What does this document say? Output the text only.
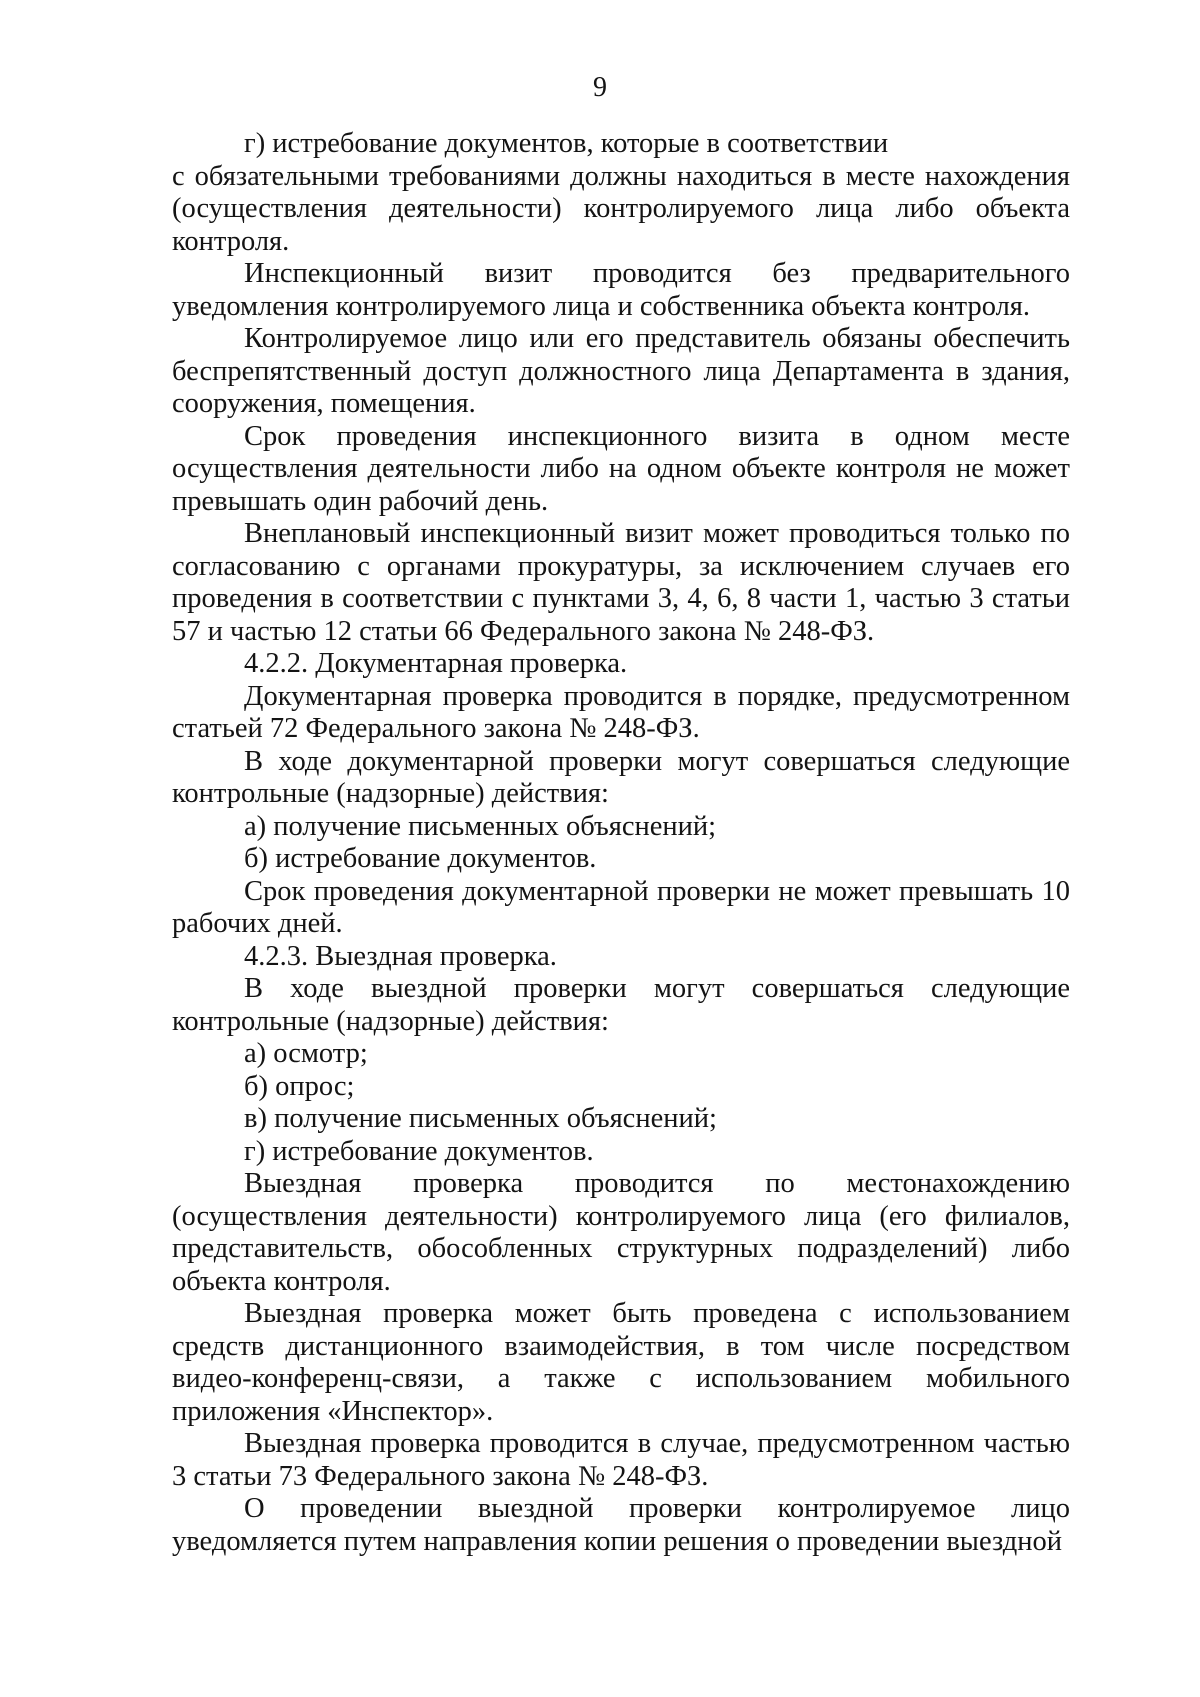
9

г) истребование документов, которые в соответствии
с обязательными требованиями должны находиться в месте нахождения (осуществления деятельности) контролируемого лица либо объекта контроля.

Инспекционный визит проводится без предварительного уведомления контролируемого лица и собственника объекта контроля.

Контролируемое лицо или его представитель обязаны обеспечить беспрепятственный доступ должностного лица Департамента в здания, сооружения, помещения.

Срок проведения инспекционного визита в одном месте осуществления деятельности либо на одном объекте контроля не может превышать один рабочий день.

Внеплановый инспекционный визит может проводиться только по согласованию с органами прокуратуры, за исключением случаев его проведения в соответствии с пунктами 3, 4, 6, 8 части 1, частью 3 статьи 57 и частью 12 статьи 66 Федерального закона № 248-ФЗ.

4.2.2. Документарная проверка.

Документарная проверка проводится в порядке, предусмотренном статьей 72 Федерального закона № 248-ФЗ.

В ходе документарной проверки могут совершаться следующие контрольные (надзорные) действия:

а) получение письменных объяснений;

б) истребование документов.

Срок проведения документарной проверки не может превышать 10 рабочих дней.

4.2.3. Выездная проверка.

В ходе выездной проверки могут совершаться следующие контрольные (надзорные) действия:

а) осмотр;

б) опрос;

в) получение письменных объяснений;

г) истребование документов.

Выездная проверка проводится по местонахождению (осуществления деятельности) контролируемого лица (его филиалов, представительств, обособленных структурных подразделений) либо объекта контроля.

Выездная проверка может быть проведена с использованием средств дистанционного взаимодействия, в том числе посредством видео-конференц-связи, а также с использованием мобильного приложения «Инспектор».

Выездная проверка проводится в случае, предусмотренном частью 3 статьи 73 Федерального закона № 248-ФЗ.

О проведении выездной проверки контролируемое лицо уведомляется путем направления копии решения о проведении выездной
